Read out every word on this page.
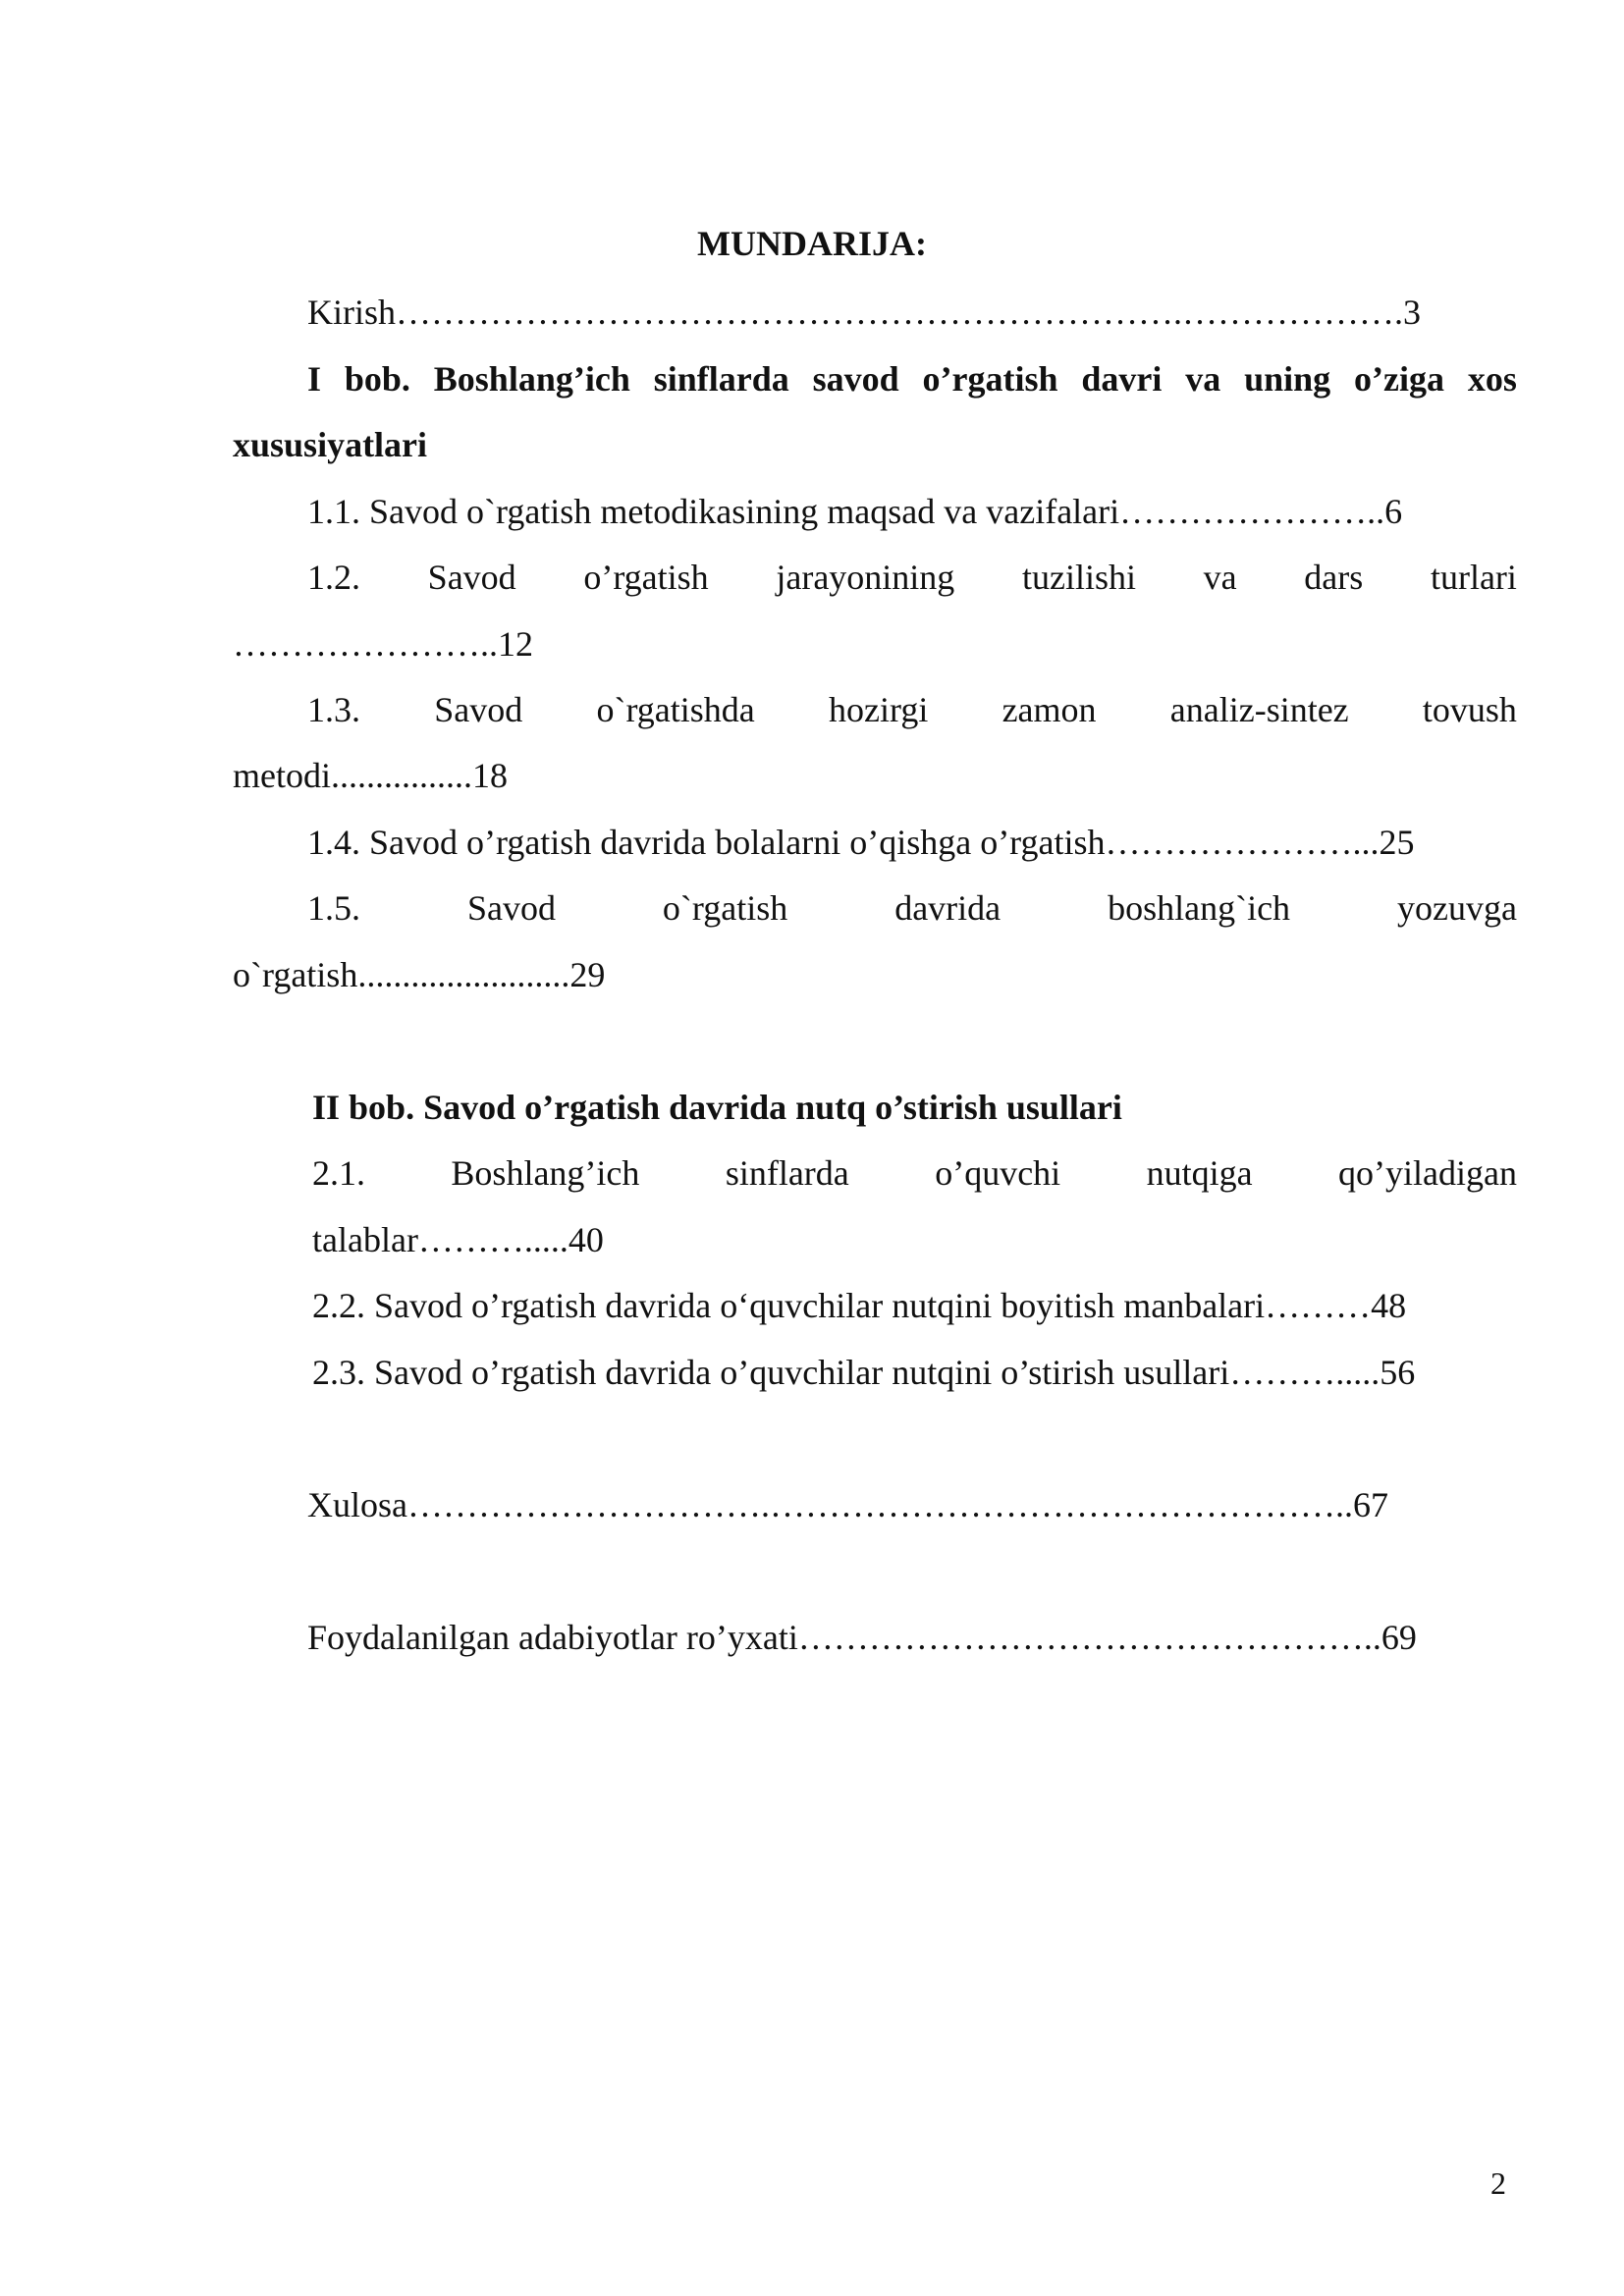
MUNDARIJA:
Kirish………………………………………………………….……………….3
I bob. Boshlang’ich sinflarda savod o’rgatish davri va uning o’ziga xos
xususiyatlari
1.1. Savod o`rgatish metodikasining maqsad va vazifalari…………………..6
1.2. Savod o’rgatish jarayonining tuzilishi va dars turlari
…………………..12
1.3. Savod o`rgatishda hozirgi zamon analiz-sintez tovush
metodi................18
1.4. Savod o’rgatish davrida bolalarni o’qishga o’rgatish…………………...25
1.5.	Savod	o`rgatish	davrida	boshlang`ich	yozuvga
o`rgatish........................29
II bob. Savod o’rgatish davrida nutq o’stirish usullari
2.1. Boshlang’ich sinflarda o’quvchi nutqiga qo’yiladigan
talablar……….....40
2.2. Savod o’rgatish davrida o‘quvchilar nutqini boyitish manbalari………48
2.3. Savod o’rgatish davrida o’quvchilar nutqini o’stirish usullari……….....56
Xulosa………………………….…………………………………………..67
Foydalanilgan adabiyotlar ro’yxati…………………………………………..69
2
